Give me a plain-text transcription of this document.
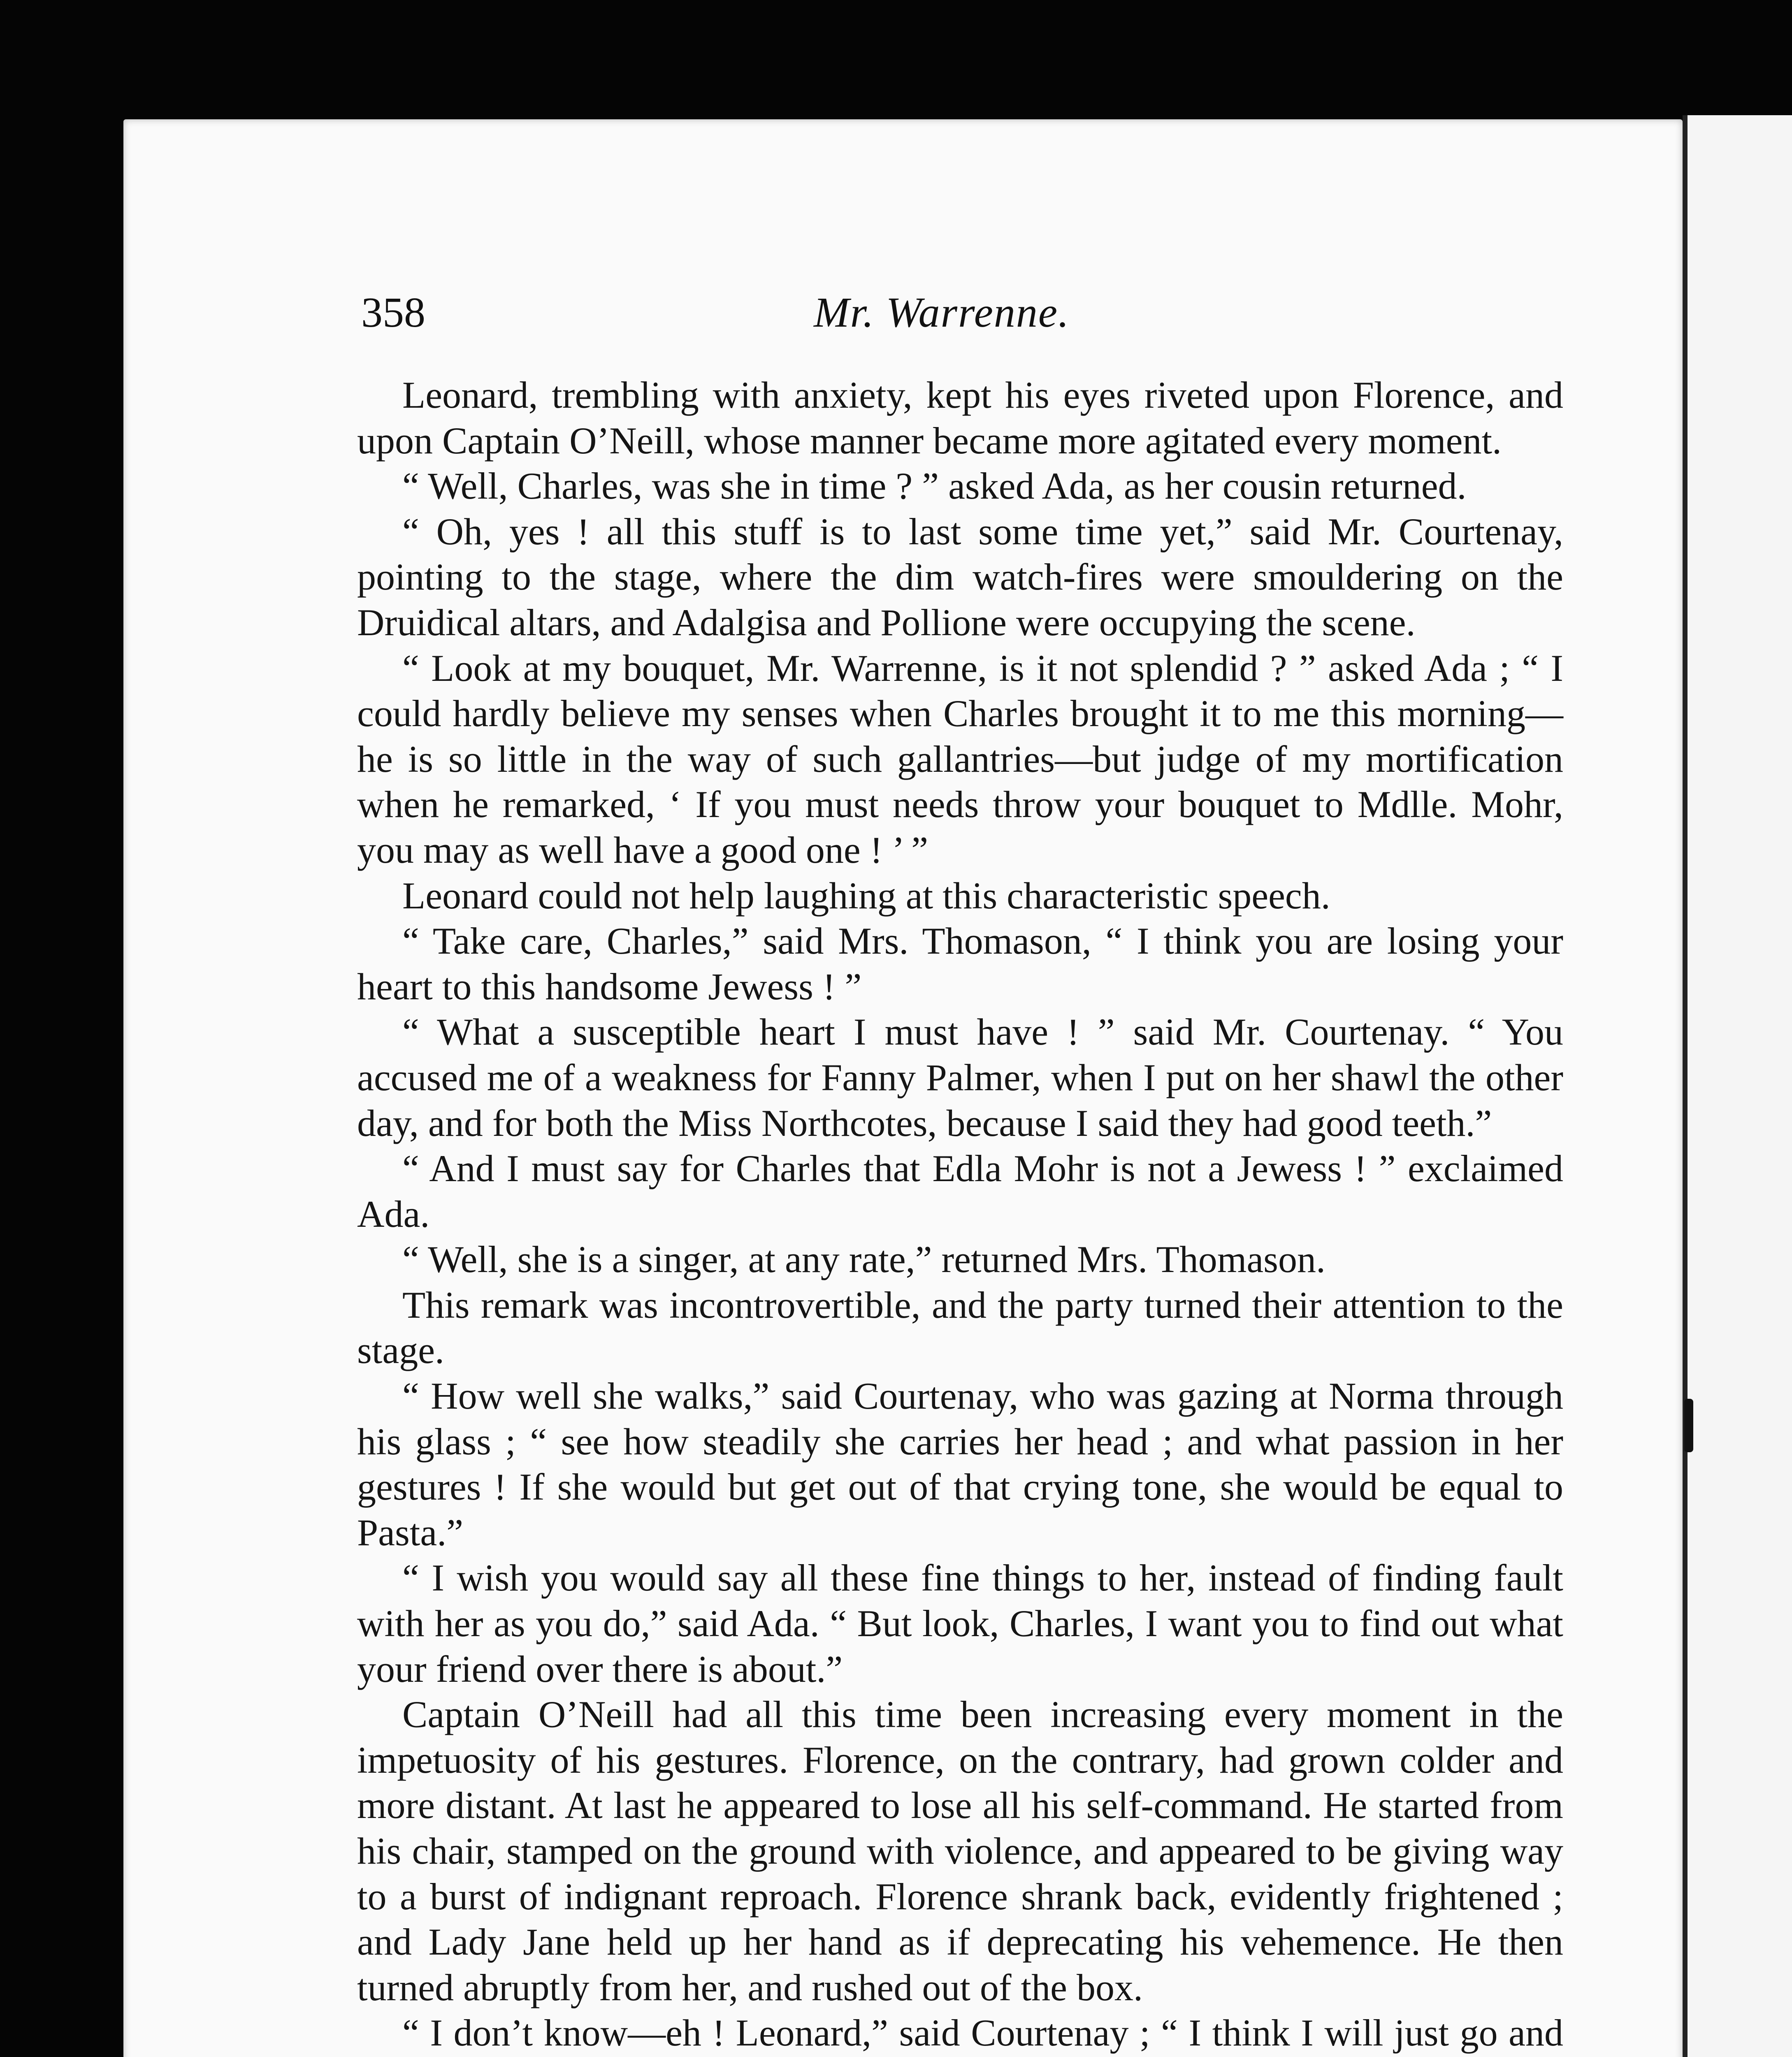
358	Mr. Warrenne.

Leonard, trembling with anxiety, kept his eyes riveted upon Florence, and upon Captain O’Neill, whose manner became more agitated every moment.

“ Well, Charles, was she in time ? ” asked Ada, as her cousin returned.

“ Oh, yes ! all this stuff is to last some time yet,” said Mr. Courtenay, pointing to the stage, where the dim watch-fires were smouldering on the Druidical altars, and Adalgisa and Pollione were occupying the scene.

“ Look at my bouquet, Mr. Warrenne, is it not splendid ? ” asked Ada ; “ I could hardly believe my senses when Charles brought it to me this morning—he is so little in the way of such gallantries—but judge of my mortification when he remarked, ‘ If you must needs throw your bouquet to Mdlle. Mohr, you may as well have a good one ! ’ ”

Leonard could not help laughing at this characteristic speech.

“ Take care, Charles,” said Mrs. Thomason, “ I think you are losing your heart to this handsome Jewess ! ”

“ What a susceptible heart I must have ! ” said Mr. Courtenay. “ You accused me of a weakness for Fanny Palmer, when I put on her shawl the other day, and for both the Miss Northcotes, because I said they had good teeth.”

“ And I must say for Charles that Edla Mohr is not a Jewess ! ” exclaimed Ada.

“ Well, she is a singer, at any rate,” returned Mrs. Thomason.

This remark was incontrovertible, and the party turned their attention to the stage.

“ How well she walks,” said Courtenay, who was gazing at Norma through his glass ; “ see how steadily she carries her head ; and what passion in her gestures ! If she would but get out of that crying tone, she would be equal to Pasta.”

“ I wish you would say all these fine things to her, instead of finding fault with her as you do,” said Ada. “ But look, Charles, I want you to find out what your friend over there is about.”

Captain O’Neill had all this time been increasing every moment in the impetuosity of his gestures. Florence, on the contrary, had grown colder and more distant. At last he appeared to lose all his self-command. He started from his chair, stamped on the ground with violence, and appeared to be giving way to a burst of indignant reproach. Florence shrank back, evidently frightened ; and Lady Jane held up her hand as if deprecating his vehemence. He then turned abruptly from her, and rushed out of the box.

“ I don’t know—eh ! Leonard,” said Courtenay ; “ I think I will just go and
